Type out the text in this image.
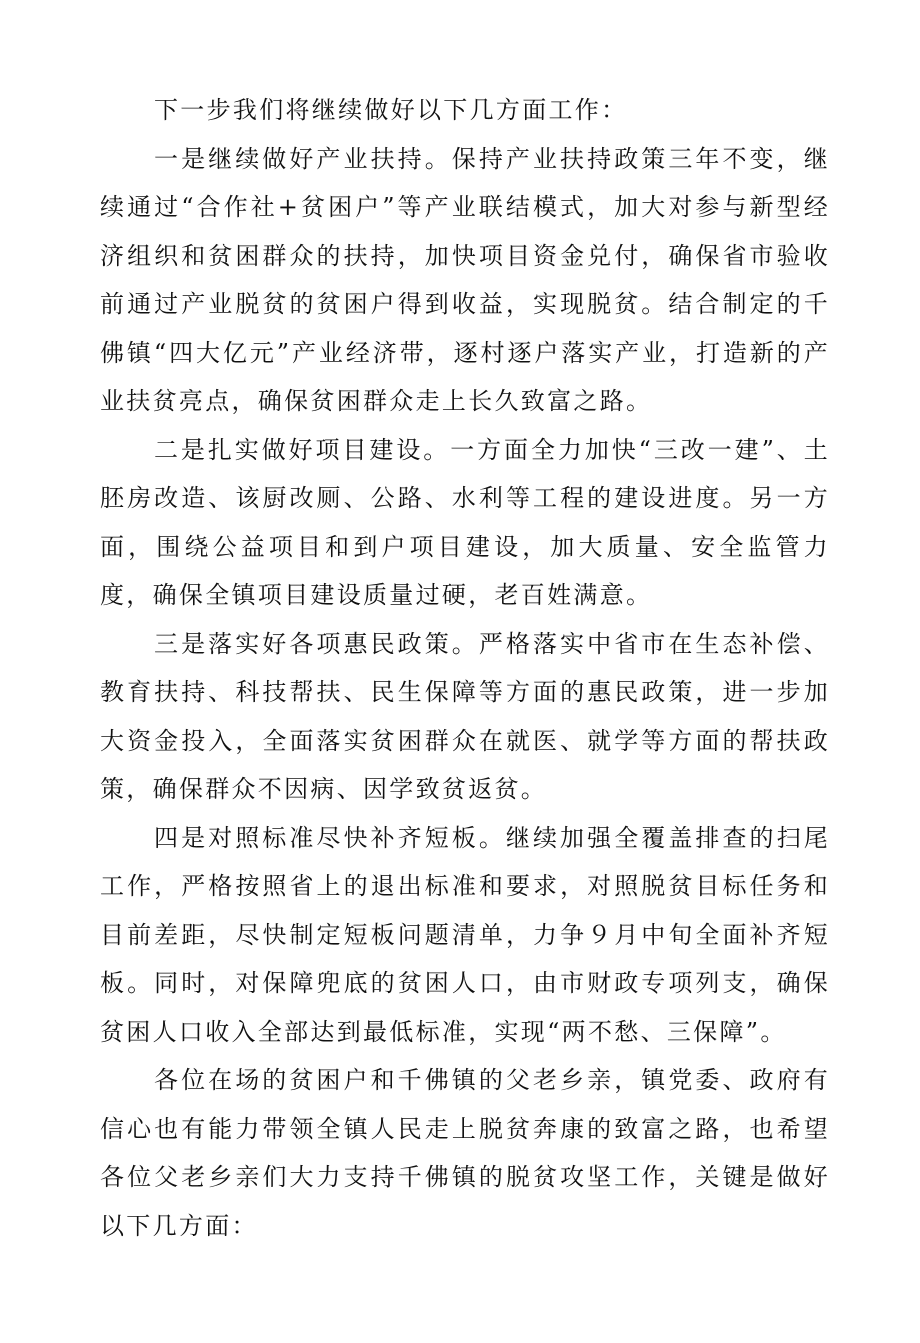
下一步我们将继续做好以下几方面工作：

一是继续做好产业扶持。保持产业扶持政策三年不变，继续通过“合作社+贫困户”等产业联结模式，加大对参与新型经济组织和贫困群众的扶持，加快项目资金兑付，确保省市验收前通过产业脱贫的贫困户得到收益，实现脱贫。结合制定的千佛镇“四大亿元”产业经济带，逐村逐户落实产业，打造新的产业扶贫亮点，确保贫困群众走上长久致富之路。

二是扎实做好项目建设。一方面全力加快“三改一建”、土胚房改造、该厨改厕、公路、水利等工程的建设进度。另一方面，围绕公益项目和到户项目建设，加大质量、安全监管力度，确保全镇项目建设质量过硬，老百姓满意。

三是落实好各项惠民政策。严格落实中省市在生态补偿、教育扶持、科技帮扶、民生保障等方面的惠民政策，进一步加大资金投入，全面落实贫困群众在就医、就学等方面的帮扶政策，确保群众不因病、因学致贫返贫。

四是对照标准尽快补齐短板。继续加强全覆盖排查的扫尾工作，严格按照省上的退出标准和要求，对照脱贫目标任务和目前差距，尽快制定短板问题清单，力争９月中旬全面补齐短板。同时，对保障兜底的贫困人口，由市财政专项列支，确保贫困人口收入全部达到最低标准，实现“两不愁、三保障”。

各位在场的贫困户和千佛镇的父老乡亲，镇党委、政府有信心也有能力带领全镇人民走上脱贫奔康的致富之路，也希望各位父老乡亲们大力支持千佛镇的脱贫攻坚工作，关键是做好以下几方面：
